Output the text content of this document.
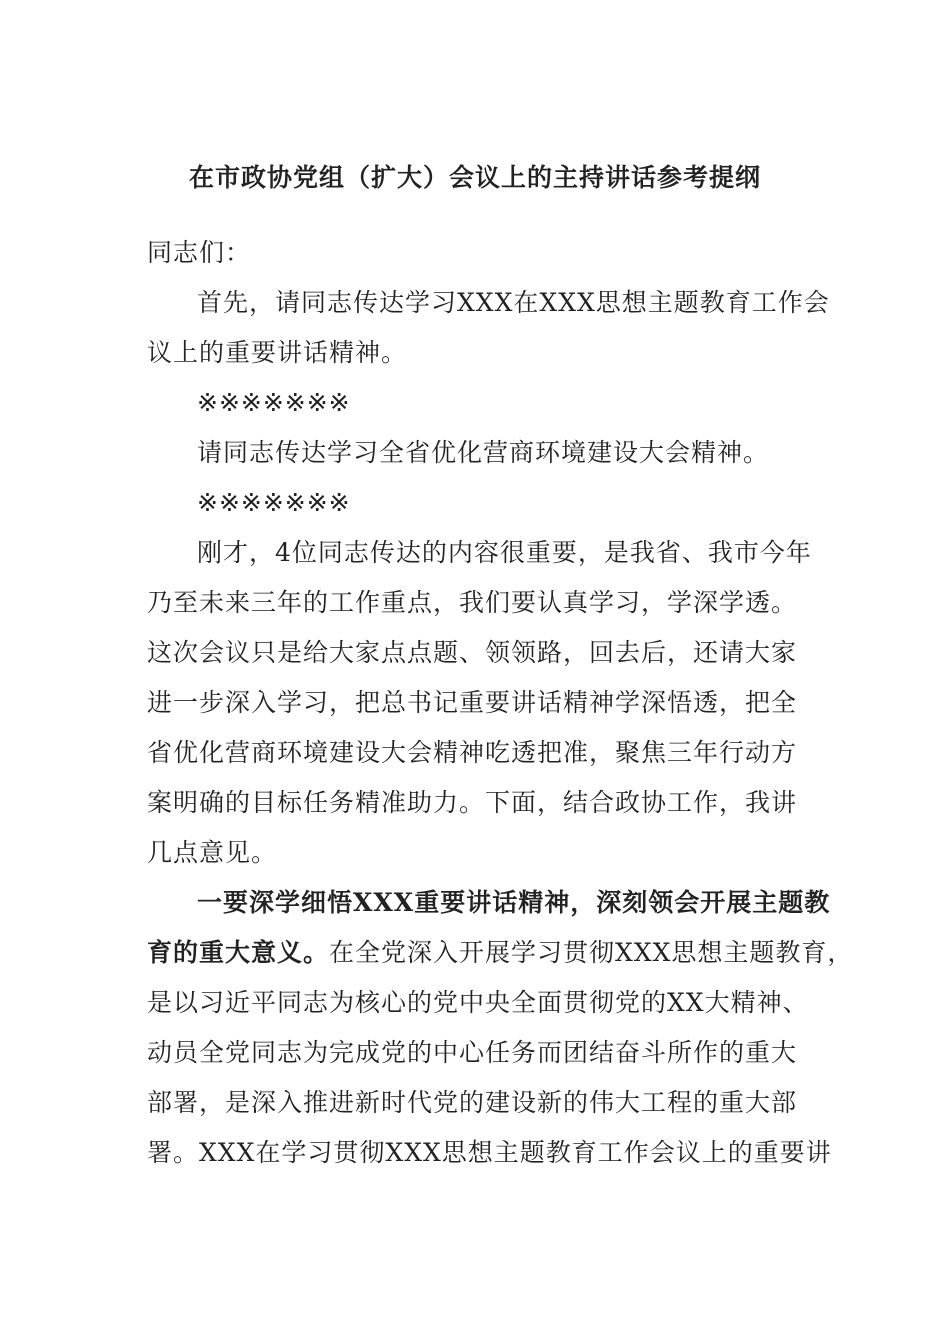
在市政协党组（扩大）会议上的主持讲话参考提纲
同志们：
首先，请同志传达学习XXX在XXX思想主题教育工作会
议上的重要讲话精神。
※※※※※※※
请同志传达学习全省优化营商环境建设大会精神。
※※※※※※※
刚才，4位同志传达的内容很重要，是我省、我市今年
乃至未来三年的工作重点，我们要认真学习，学深学透。
这次会议只是给大家点点题、领领路，回去后，还请大家
进一步深入学习，把总书记重要讲话精神学深悟透，把全
省优化营商环境建设大会精神吃透把准，聚焦三年行动方
案明确的目标任务精准助力。下面，结合政协工作，我讲
几点意见。
一要深学细悟XXX重要讲话精神，深刻领会开展主题教
育的重大意义。在全党深入开展学习贯彻XXX思想主题教育，
是以习近平同志为核心的党中央全面贯彻党的XX大精神、
动员全党同志为完成党的中心任务而团结奋斗所作的重大
部署，是深入推进新时代党的建设新的伟大工程的重大部
署。XXX在学习贯彻XXX思想主题教育工作会议上的重要讲
